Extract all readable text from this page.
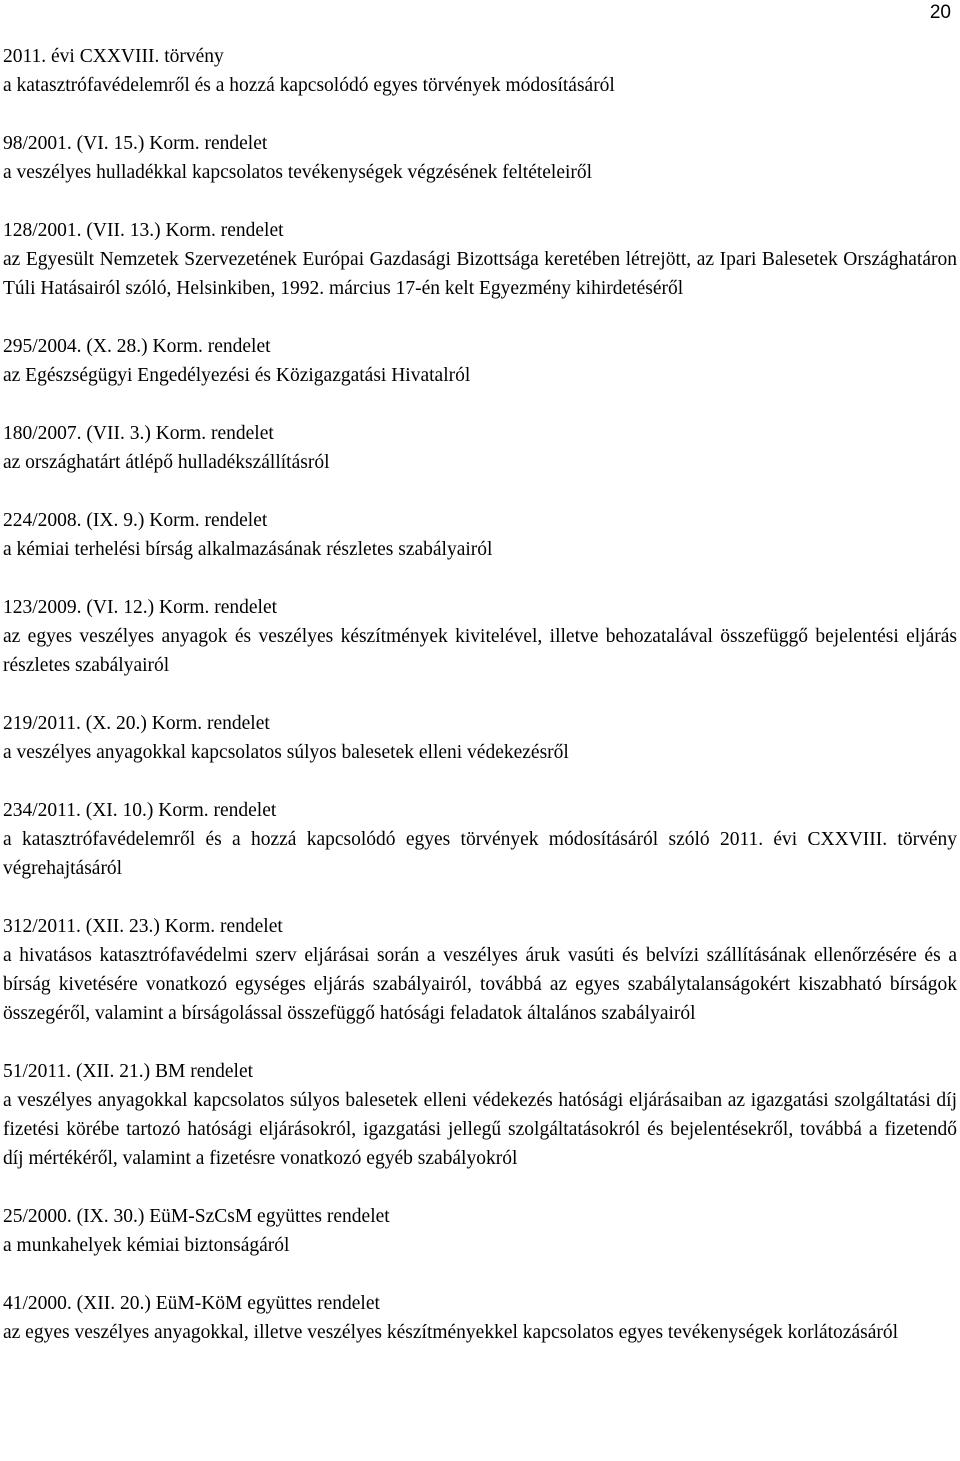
20

2011. évi CXXVIII. törvény

a katasztrófavédelemről és a hozzá kapcsolódó egyes törvények módosításáról

98/2001. (VI. 15.) Korm. rendelet

a veszélyes hulladékkal kapcsolatos tevékenységek végzésének feltételeiről

128/2001. (VII. 13.) Korm. rendelet

az Egyesült Nemzetek Szervezetének Európai Gazdasági Bizottsága keretében létrejött, az Ipari Balesetek Országhatáron Túli Hatásairól szóló, Helsinkiben, 1992. március 17-én kelt Egyezmény kihirdetéséről

295/2004. (X. 28.) Korm. rendelet

az Egészségügyi Engedélyezési és Közigazgatási Hivatalról

180/2007. (VII. 3.) Korm. rendelet

az országhatárt átlépő hulladékszállításról

224/2008. (IX. 9.) Korm. rendelet

a kémiai terhelési bírság alkalmazásának részletes szabályairól

123/2009. (VI. 12.) Korm. rendelet

az egyes veszélyes anyagok és veszélyes készítmények kivitelével, illetve behozatalával összefüggő bejelentési eljárás részletes szabályairól

219/2011. (X. 20.) Korm. rendelet

a veszélyes anyagokkal kapcsolatos súlyos balesetek elleni védekezésről

234/2011. (XI. 10.) Korm. rendelet

a katasztrófavédelemről és a hozzá kapcsolódó egyes törvények módosításáról szóló 2011. évi CXXVIII. törvény végrehajtásáról

312/2011. (XII. 23.) Korm. rendelet

a hivatásos katasztrófavédelmi szerv eljárásai során a veszélyes áruk vasúti és belvízi szállításának ellenőrzésére és a bírság kivetésére vonatkozó egységes eljárás szabályairól, továbbá az egyes szabálytalanságokért kiszabható bírságok összegéről, valamint a bírságolással összefüggő hatósági feladatok általános szabályairól

51/2011. (XII. 21.) BM rendelet

a veszélyes anyagokkal kapcsolatos súlyos balesetek elleni védekezés hatósági eljárásaiban az igazgatási szolgáltatási díj fizetési körébe tartozó hatósági eljárásokról, igazgatási jellegű szolgáltatásokról és bejelentésekről, továbbá a fizetendő díj mértékéről, valamint a fizetésre vonatkozó egyéb szabályokról

25/2000. (IX. 30.) EüM-SzCsM együttes rendelet

a munkahelyek kémiai biztonságáról

41/2000. (XII. 20.) EüM-KöM együttes rendelet

az egyes veszélyes anyagokkal, illetve veszélyes készítményekkel kapcsolatos egyes tevékenységek korlátozásáról
